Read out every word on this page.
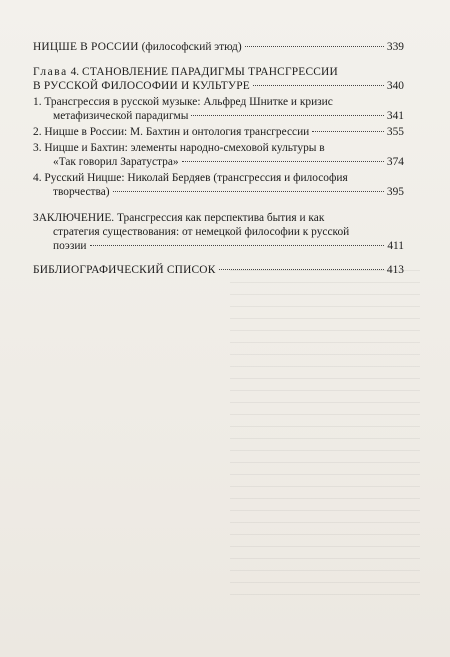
НИЦШЕ В РОССИИ (философский этюд)	339
Глава 4. СТАНОВЛЕНИЕ ПАРАДИГМЫ ТРАНСГРЕССИИ
В РУССКОЙ ФИЛОСОФИИ И КУЛЬТУРЕ	340
1. Трансгрессия в русской музыке: Альфред Шнитке и кризис
метафизической парадигмы	341
2. Ницше в России: М. Бахтин и онтология трансгрессии	355
3. Ницше и Бахтин: элементы народно-смеховой культуры в
«Так говорил Заратустра»	374
4. Русский Ницше: Николай Бердяев (трансгрессия и философия
творчества)	395
ЗАКЛЮЧЕНИЕ. Трансгрессия как перспектива бытия и как
стратегия существования: от немецкой философии к русской
поэзии	411
БИБЛИОГРАФИЧЕСКИЙ СПИСОК	413
